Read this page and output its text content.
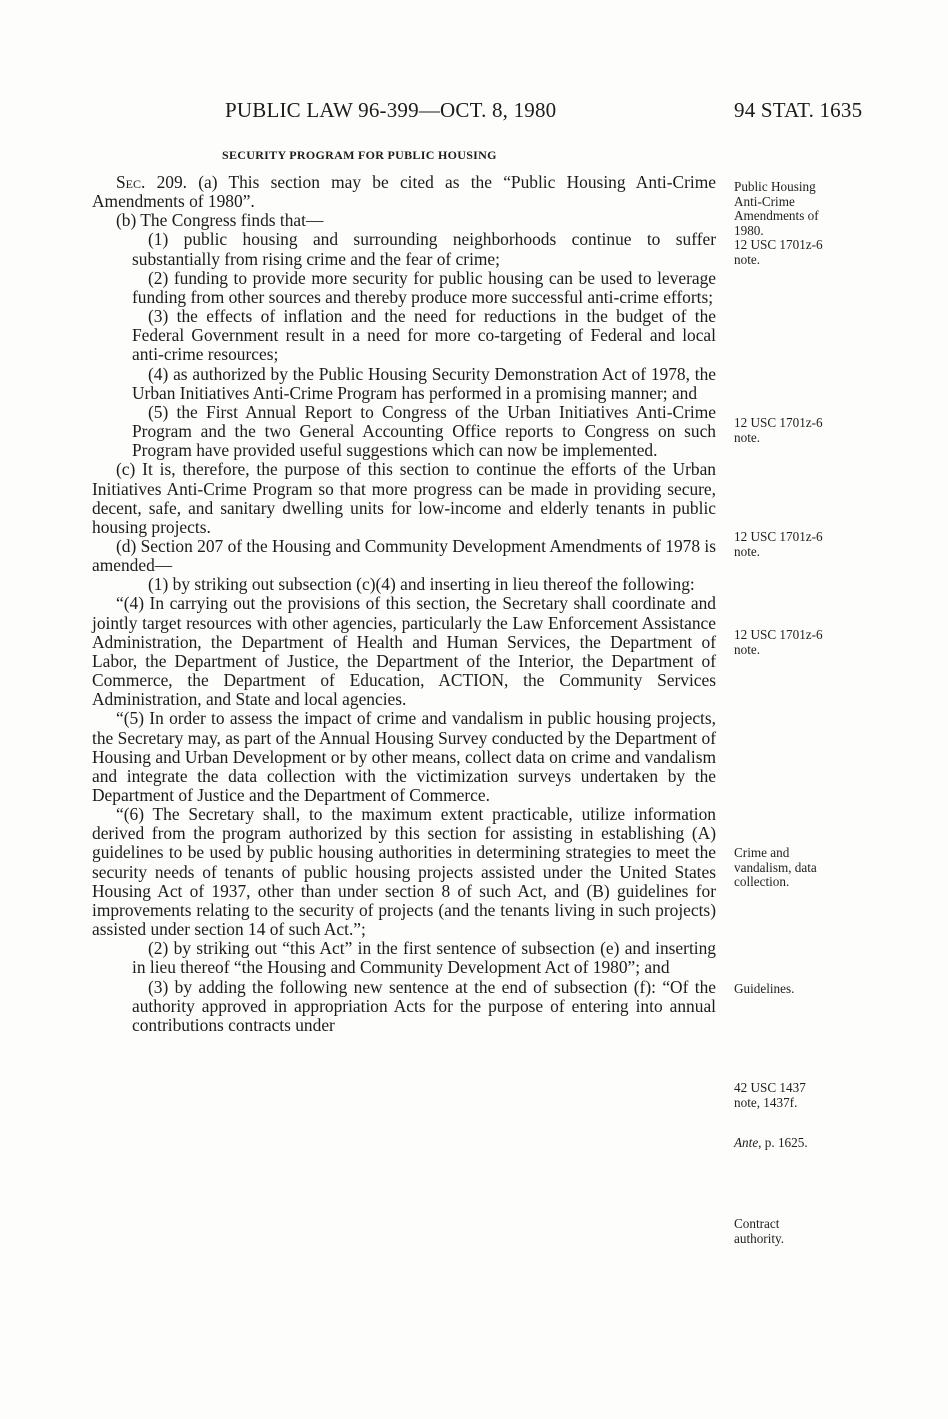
PUBLIC LAW 96-399—OCT. 8, 1980	94 STAT. 1635
SECURITY PROGRAM FOR PUBLIC HOUSING

Sec. 209. (a) This section may be cited as the “Public Housing Anti-Crime Amendments of 1980”.

(b) The Congress finds that—

(1) public housing and surrounding neighborhoods continue to suffer substantially from rising crime and the fear of crime;

(2) funding to provide more security for public housing can be used to leverage funding from other sources and thereby produce more successful anti-crime efforts;

(3) the effects of inflation and the need for reductions in the budget of the Federal Government result in a need for more co-targeting of Federal and local anti-crime resources;

(4) as authorized by the Public Housing Security Demonstration Act of 1978, the Urban Initiatives Anti-Crime Program has performed in a promising manner; and

(5) the First Annual Report to Congress of the Urban Initiatives Anti-Crime Program and the two General Accounting Office reports to Congress on such Program have provided useful suggestions which can now be implemented.

(c) It is, therefore, the purpose of this section to continue the efforts of the Urban Initiatives Anti-Crime Program so that more progress can be made in providing secure, decent, safe, and sanitary dwelling units for low-income and elderly tenants in public housing projects.

(d) Section 207 of the Housing and Community Development Amendments of 1978 is amended—

(1) by striking out subsection (c)(4) and inserting in lieu thereof the following:

“(4) In carrying out the provisions of this section, the Secretary shall coordinate and jointly target resources with other agencies, particularly the Law Enforcement Assistance Administration, the Department of Health and Human Services, the Department of Labor, the Department of Justice, the Department of the Interior, the Department of Commerce, the Department of Education, ACTION, the Community Services Administration, and State and local agencies.

“(5) In order to assess the impact of crime and vandalism in public housing projects, the Secretary may, as part of the Annual Housing Survey conducted by the Department of Housing and Urban Development or by other means, collect data on crime and vandalism and integrate the data collection with the victimization surveys undertaken by the Department of Justice and the Department of Commerce.

“(6) The Secretary shall, to the maximum extent practicable, utilize information derived from the program authorized by this section for assisting in establishing (A) guidelines to be used by public housing authorities in determining strategies to meet the security needs of tenants of public housing projects assisted under the United States Housing Act of 1937, other than under section 8 of such Act, and (B) guidelines for improvements relating to the security of projects (and the tenants living in such projects) assisted under section 14 of such Act.”;

(2) by striking out “this Act” in the first sentence of subsection (e) and inserting in lieu thereof “the Housing and Community Development Act of 1980”; and

(3) by adding the following new sentence at the end of subsection (f): “Of the authority approved in appropriation Acts for the purpose of entering into annual contributions contracts under

Public Housing
Anti-Crime
Amendments of
1980.
12 USC 1701z-6
note.
12 USC 1701z-6
note.
12 USC 1701z-6
note.
12 USC 1701z-6
note.
Crime and
vandalism, data
collection.
Guidelines.
42 USC 1437
note, 1437f.
Ante, p. 1625.
Contract
authority.
